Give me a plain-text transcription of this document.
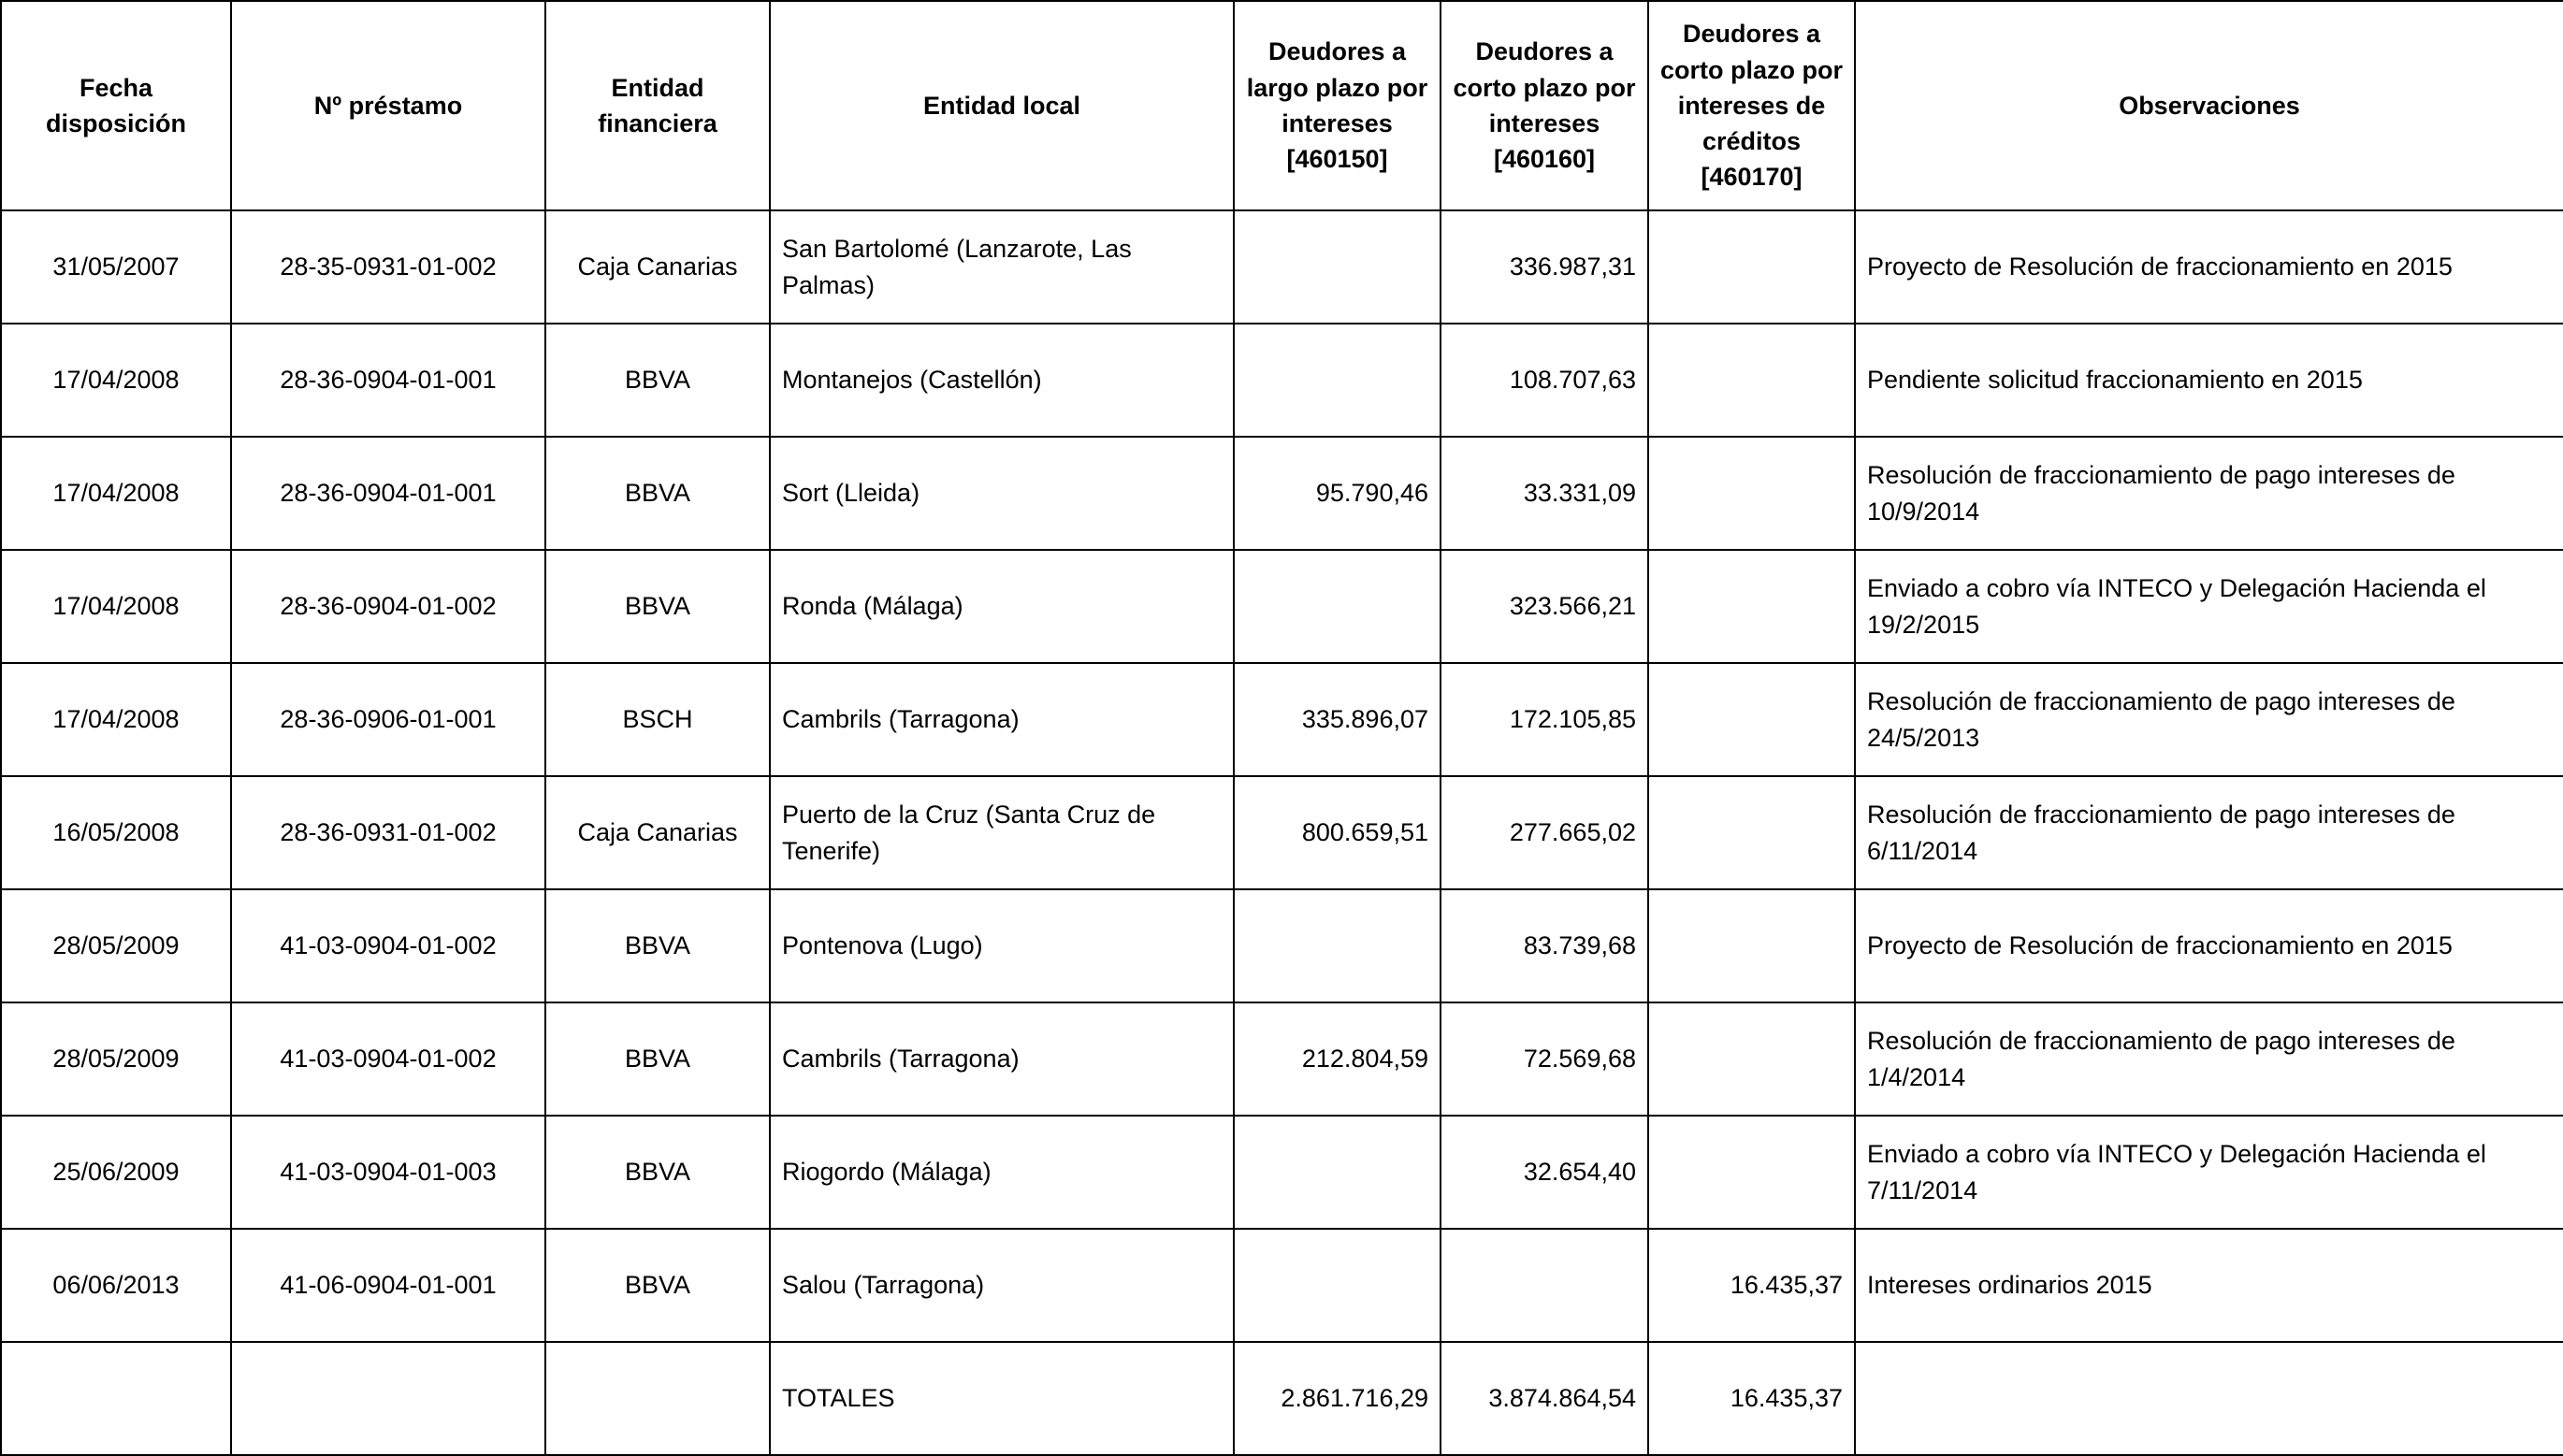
Fecha disposición	Nº préstamo	Entidad financiera	Entidad local	Deudores a largo plazo por intereses [460150]	Deudores a corto plazo por intereses [460160]	Deudores a corto plazo por intereses de créditos [460170]	Observaciones
31/05/2007	28-35-0931-01-002	Caja Canarias	San Bartolomé (Lanzarote, Las Palmas)		336.987,31		Proyecto de Resolución de fraccionamiento en 2015
17/04/2008	28-36-0904-01-001	BBVA	Montanejos (Castellón)		108.707,63		Pendiente solicitud fraccionamiento en 2015
17/04/2008	28-36-0904-01-001	BBVA	Sort (Lleida)	95.790,46	33.331,09		Resolución de fraccionamiento de pago intereses de 10/9/2014
17/04/2008	28-36-0904-01-002	BBVA	Ronda (Málaga)		323.566,21		Enviado a cobro vía INTECO y Delegación Hacienda el 19/2/2015
17/04/2008	28-36-0906-01-001	BSCH	Cambrils (Tarragona)	335.896,07	172.105,85		Resolución de fraccionamiento de pago intereses de 24/5/2013
16/05/2008	28-36-0931-01-002	Caja Canarias	Puerto de la Cruz (Santa Cruz de Tenerife)	800.659,51	277.665,02		Resolución de fraccionamiento de pago intereses de 6/11/2014
28/05/2009	41-03-0904-01-002	BBVA	Pontenova (Lugo)		83.739,68		Proyecto de Resolución de fraccionamiento en 2015
28/05/2009	41-03-0904-01-002	BBVA	Cambrils (Tarragona)	212.804,59	72.569,68		Resolución de fraccionamiento de pago intereses de 1/4/2014
25/06/2009	41-03-0904-01-003	BBVA	Riogordo (Málaga)		32.654,40		Enviado a cobro vía INTECO y Delegación Hacienda el 7/11/2014
06/06/2013	41-06-0904-01-001	BBVA	Salou (Tarragona)			16.435,37	Intereses ordinarios 2015
			TOTALES	2.861.716,29	3.874.864,54	16.435,37	
